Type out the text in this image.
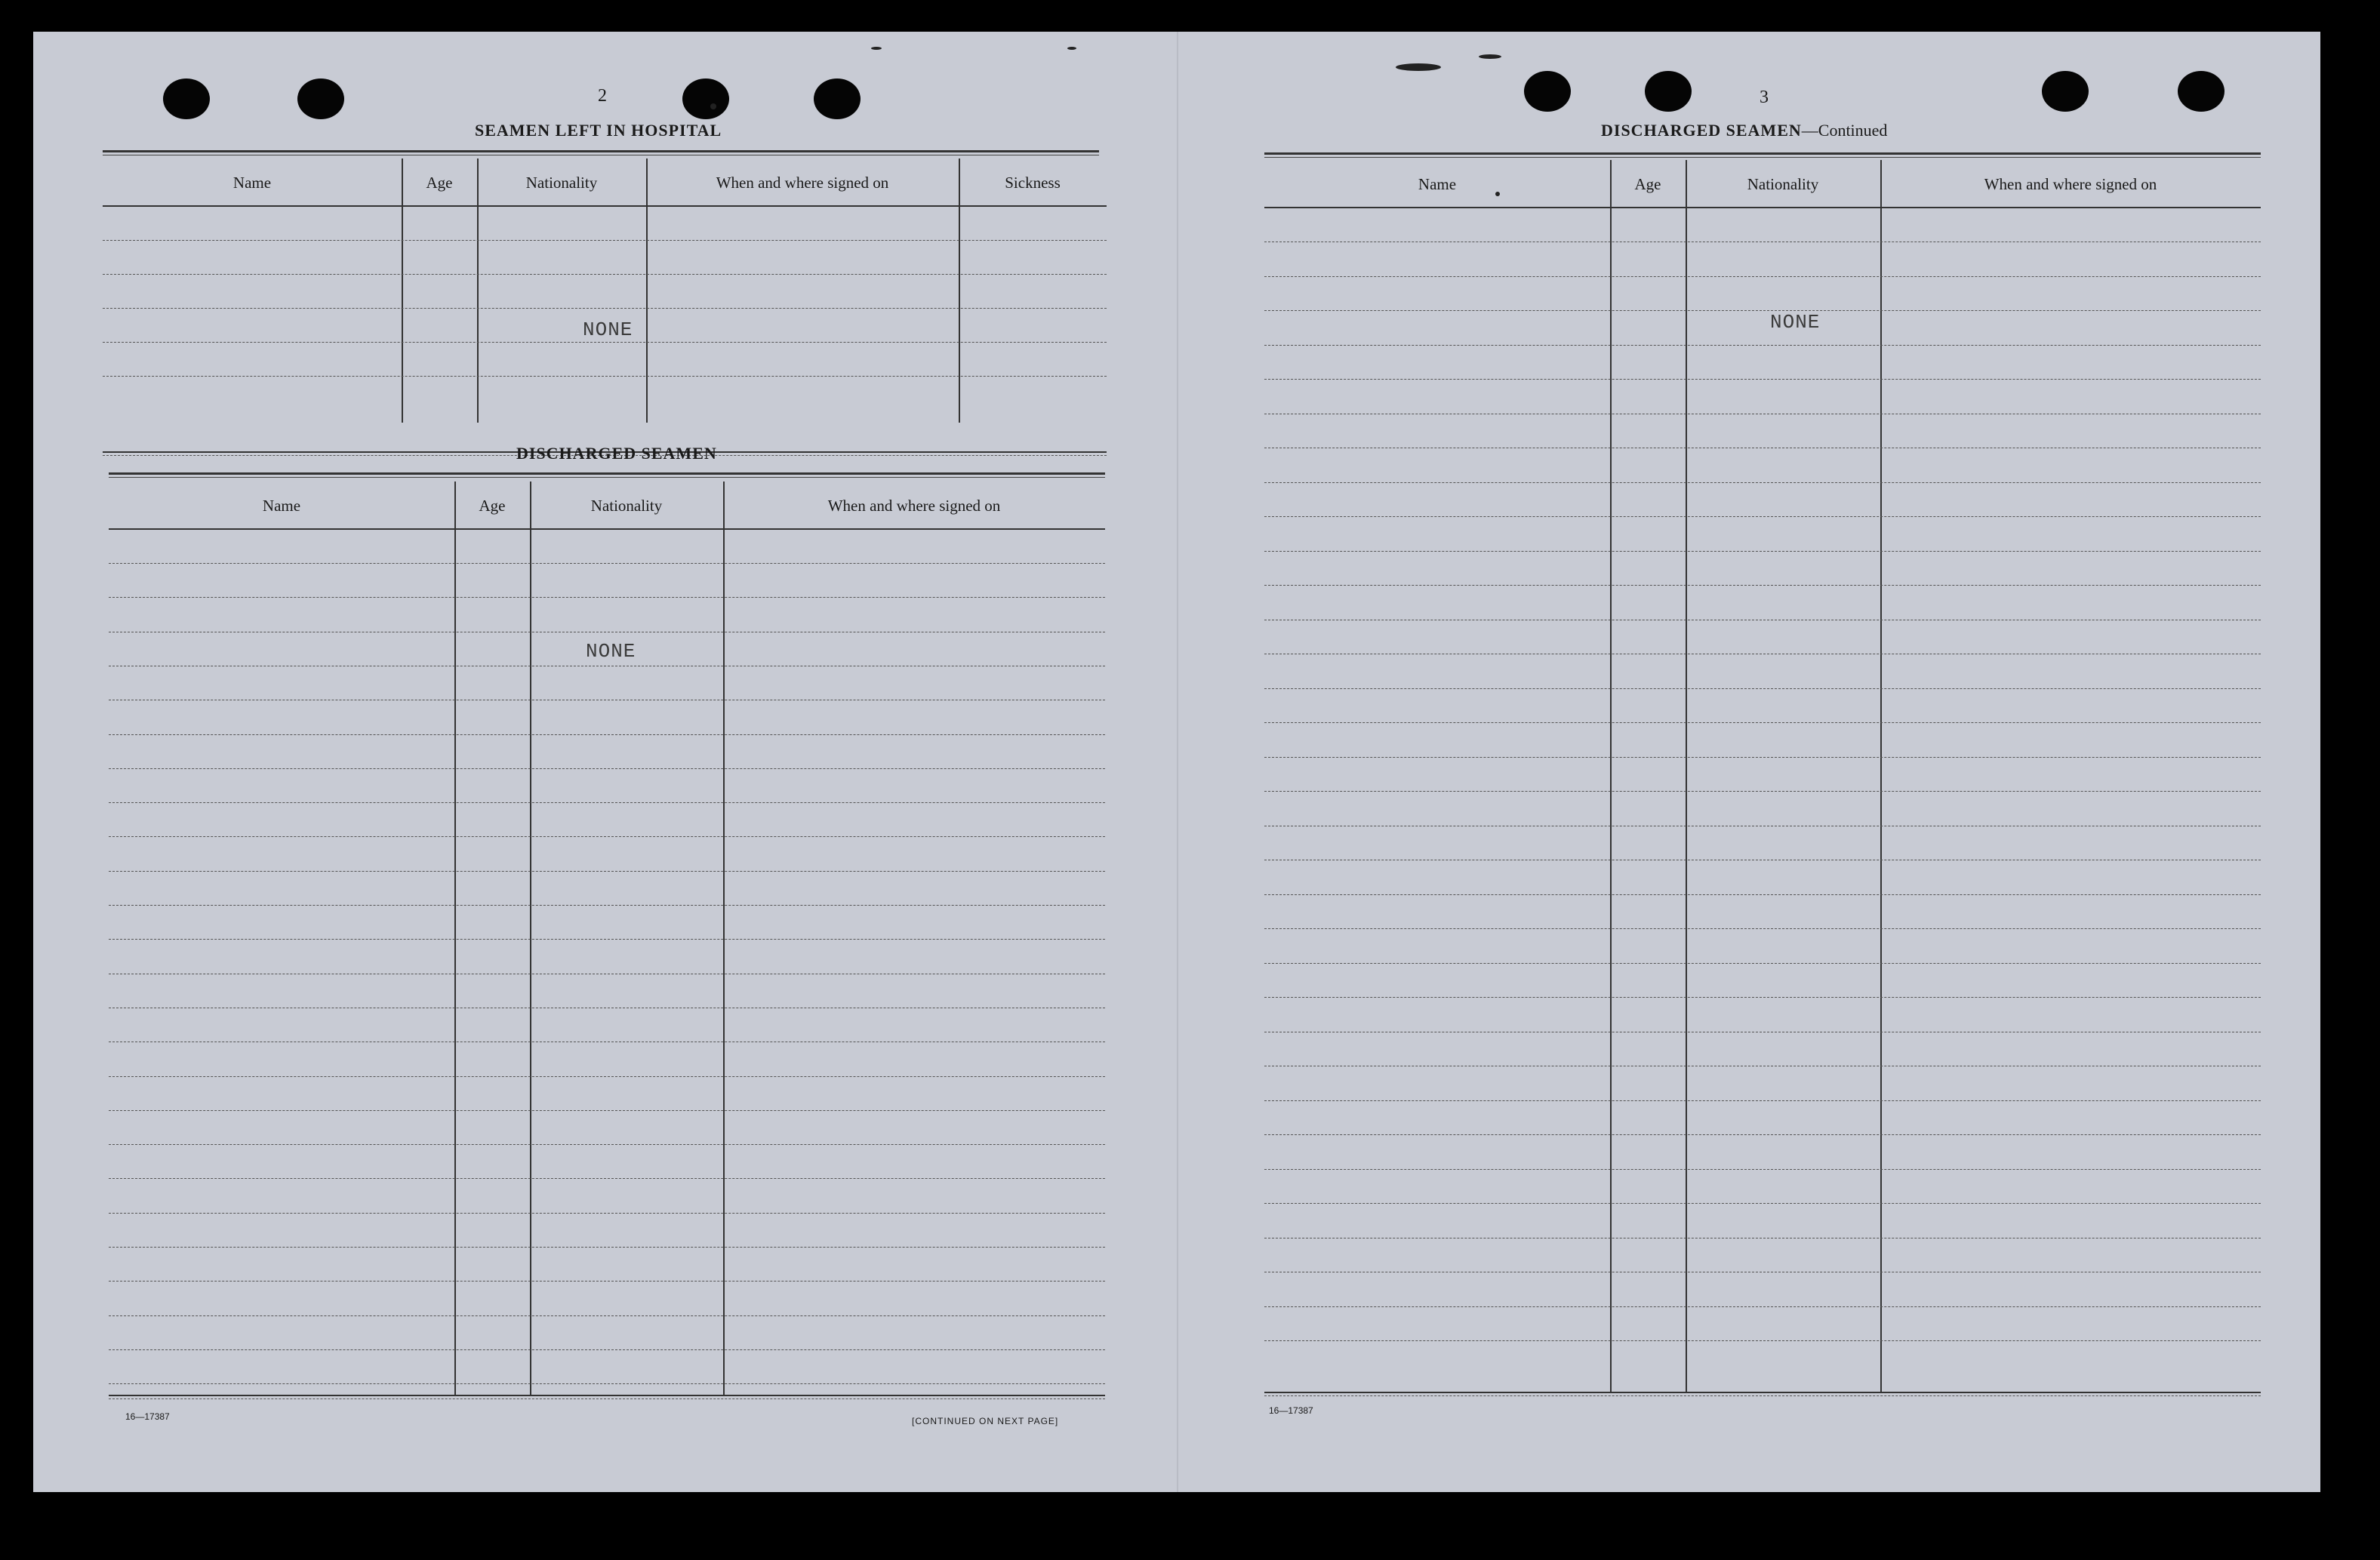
2
SEAMEN LEFT IN HOSPITAL
Name	Age	Nationality	When and where signed on	Sickness
NONE
DISCHARGED SEAMEN
Name	Age	Nationality	When and where signed on
NONE
16—17387	[CONTINUED ON NEXT PAGE]
3
DISCHARGED SEAMEN—Continued
Name	Age	Nationality	When and where signed on
NONE
16—17387
